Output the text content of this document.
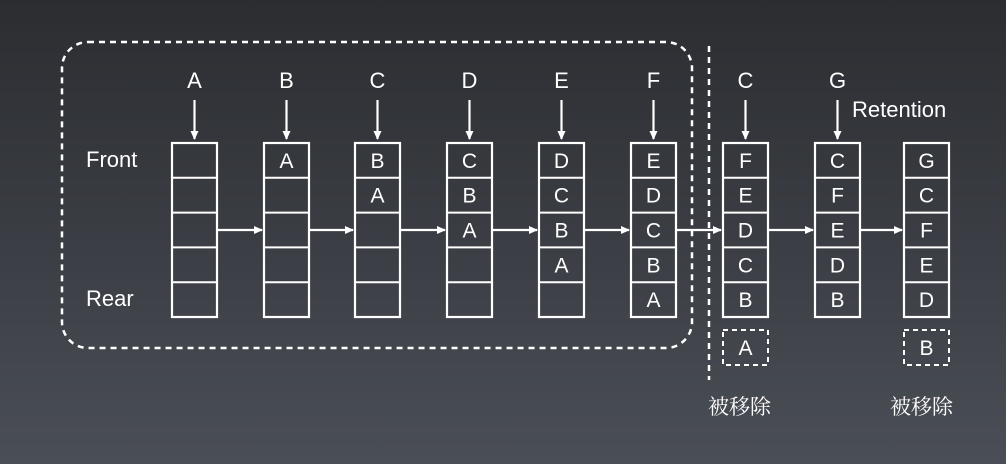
A
A
B
B
A
C
C
B
A
D
D
C
B
A
E
E
D
C
B
A
F
F
E
D
C
B
C
A
C
F
E
D
B
G
G
C
F
E
D
B
Front
Rear
Retention
被移除	被移除
